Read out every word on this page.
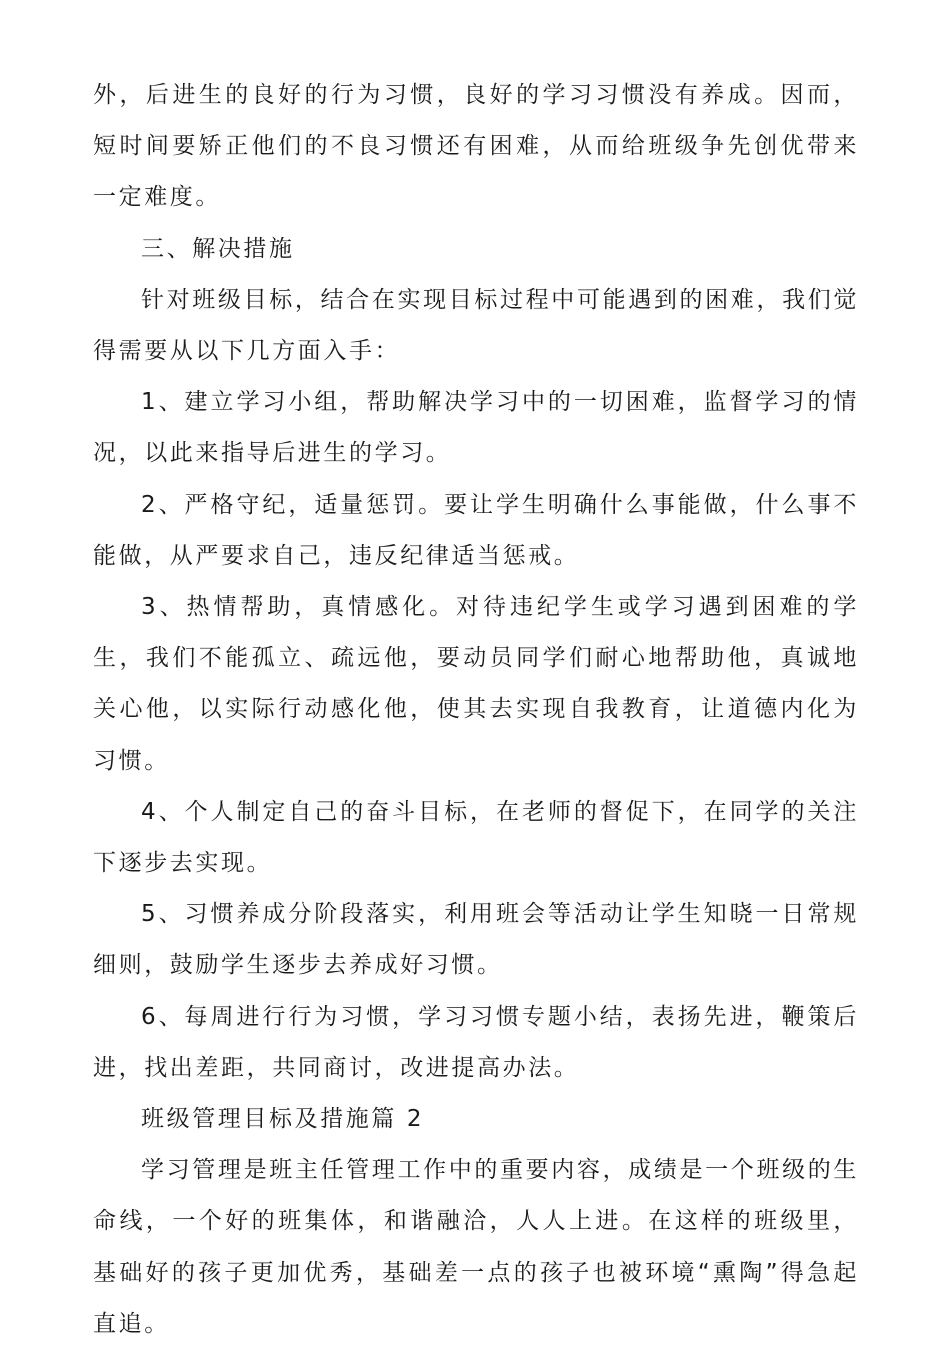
外，后进生的良好的行为习惯，良好的学习习惯没有养成。因而，短时间要矫正他们的不良习惯还有困难，从而给班级争先创优带来一定难度。

三、解决措施

针对班级目标，结合在实现目标过程中可能遇到的困难，我们觉得需要从以下几方面入手：

1、建立学习小组，帮助解决学习中的一切困难，监督学习的情况，以此来指导后进生的学习。

2、严格守纪，适量惩罚。要让学生明确什么事能做，什么事不能做，从严要求自己，违反纪律适当惩戒。

3、热情帮助，真情感化。对待违纪学生或学习遇到困难的学生，我们不能孤立、疏远他，要动员同学们耐心地帮助他，真诚地关心他，以实际行动感化他，使其去实现自我教育，让道德内化为习惯。

4、个人制定自己的奋斗目标，在老师的督促下，在同学的关注下逐步去实现。

5、习惯养成分阶段落实，利用班会等活动让学生知晓一日常规细则，鼓励学生逐步去养成好习惯。

6、每周进行行为习惯，学习习惯专题小结，表扬先进，鞭策后进，找出差距，共同商讨，改进提高办法。

班级管理目标及措施篇 2

学习管理是班主任管理工作中的重要内容，成绩是一个班级的生命线，一个好的班集体，和谐融洽，人人上进。在这样的班级里，基础好的孩子更加优秀，基础差一点的孩子也被环境“熏陶”得急起直追。
